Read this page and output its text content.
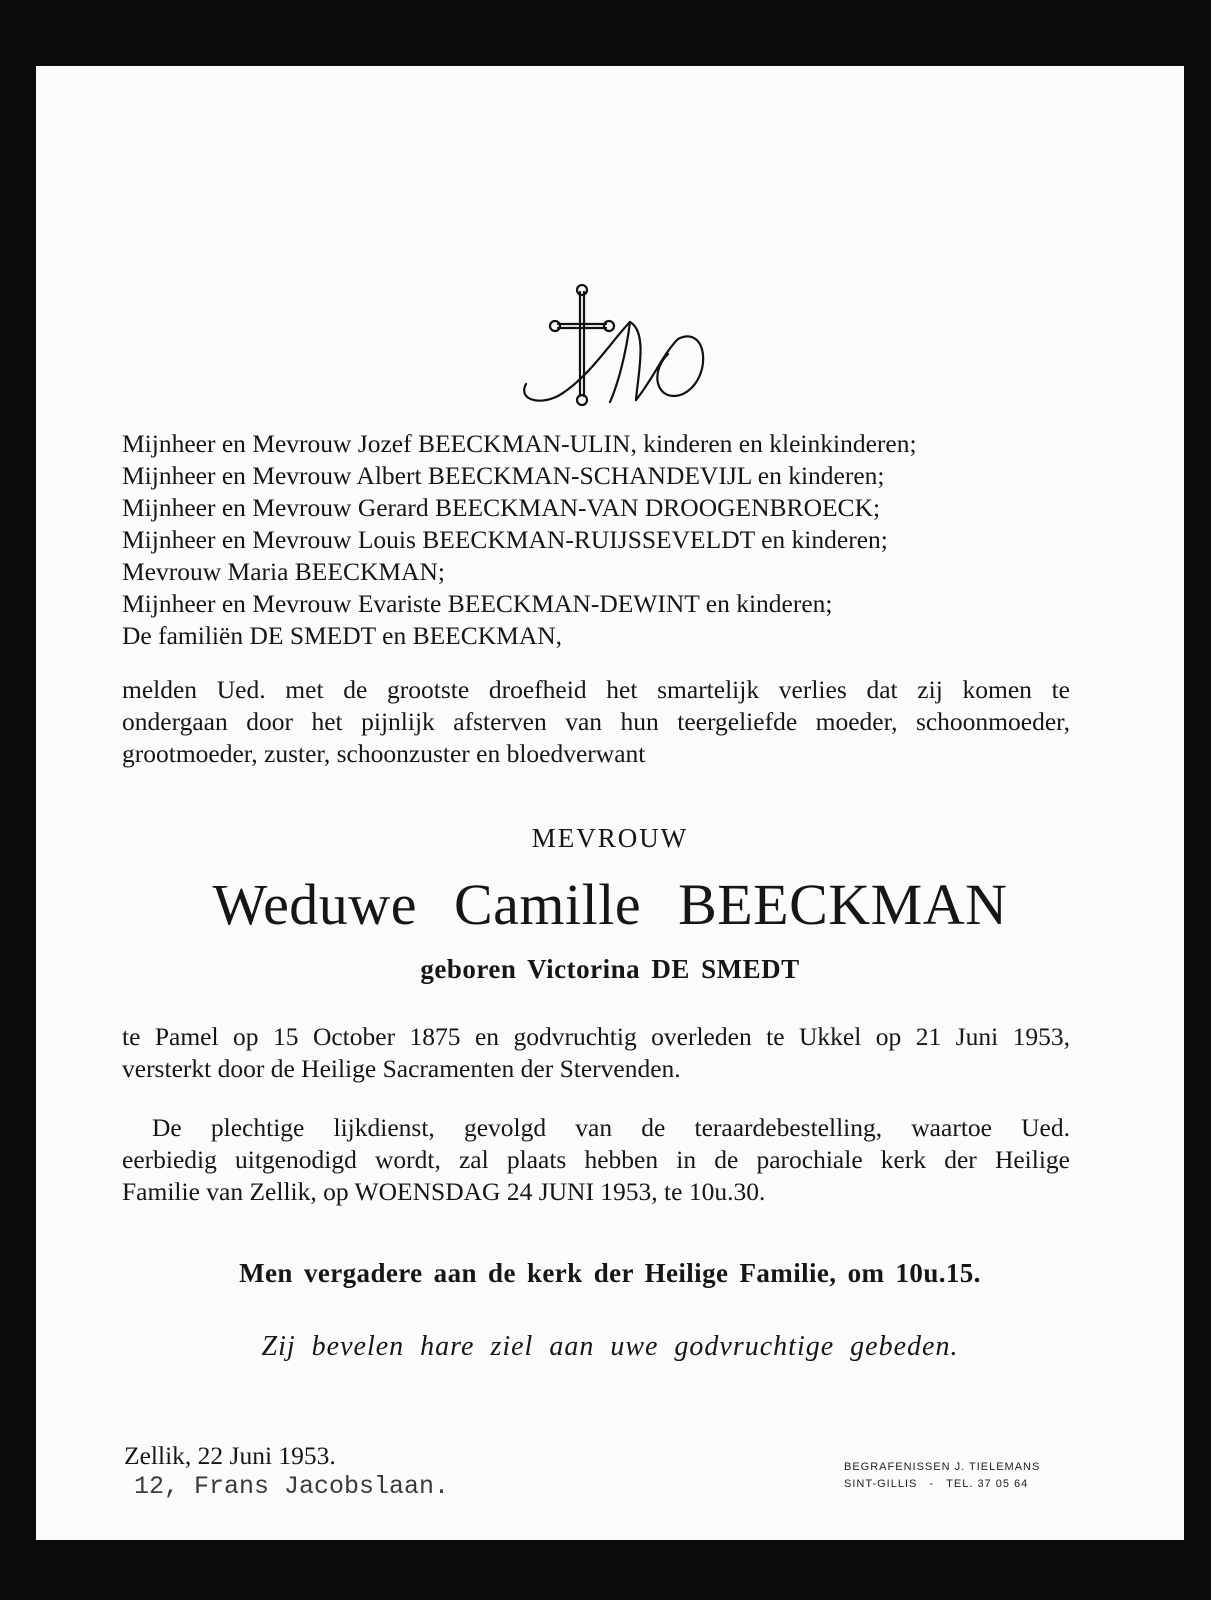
Mijnheer en Mevrouw Jozef BEECKMAN-ULIN, kinderen en kleinkinderen;
Mijnheer en Mevrouw Albert BEECKMAN-SCHANDEVIJL en kinderen;
Mijnheer en Mevrouw Gerard BEECKMAN-VAN DROOGENBROECK;
Mijnheer en Mevrouw Louis BEECKMAN-RUIJSSEVELDT en kinderen;
Mevrouw Maria BEECKMAN;
Mijnheer en Mevrouw Evariste BEECKMAN-DEWINT en kinderen;
De familiën DE SMEDT en BEECKMAN,
melden Ued. met de grootste droefheid het smartelijk verlies dat zij komen te
ondergaan door het pijnlijk afsterven van hun teergeliefde moeder, schoonmoeder,
grootmoeder, zuster, schoonzuster en bloedverwant
MEVROUW
Weduwe Camille BEECKMAN
geboren Victorina DE SMEDT
te Pamel op 15 October 1875 en godvruchtig overleden te Ukkel op 21 Juni 1953,
versterkt door de Heilige Sacramenten der Stervenden.
De plechtige lijkdienst, gevolgd van de teraardebestelling, waartoe Ued.
eerbiedig uitgenodigd wordt, zal plaats hebben in de parochiale kerk der Heilige
Familie van Zellik, op WOENSDAG 24 JUNI 1953, te 10u.30.
Men vergadere aan de kerk der Heilige Familie, om 10u.15.
Zij bevelen hare ziel aan uwe godvruchtige gebeden.
Zellik, 22 Juni 1953.
12, Frans Jacobslaan.
BEGRAFENISSEN J. TIELEMANS
SINT-GILLIS   -   TEL. 37 05 64
